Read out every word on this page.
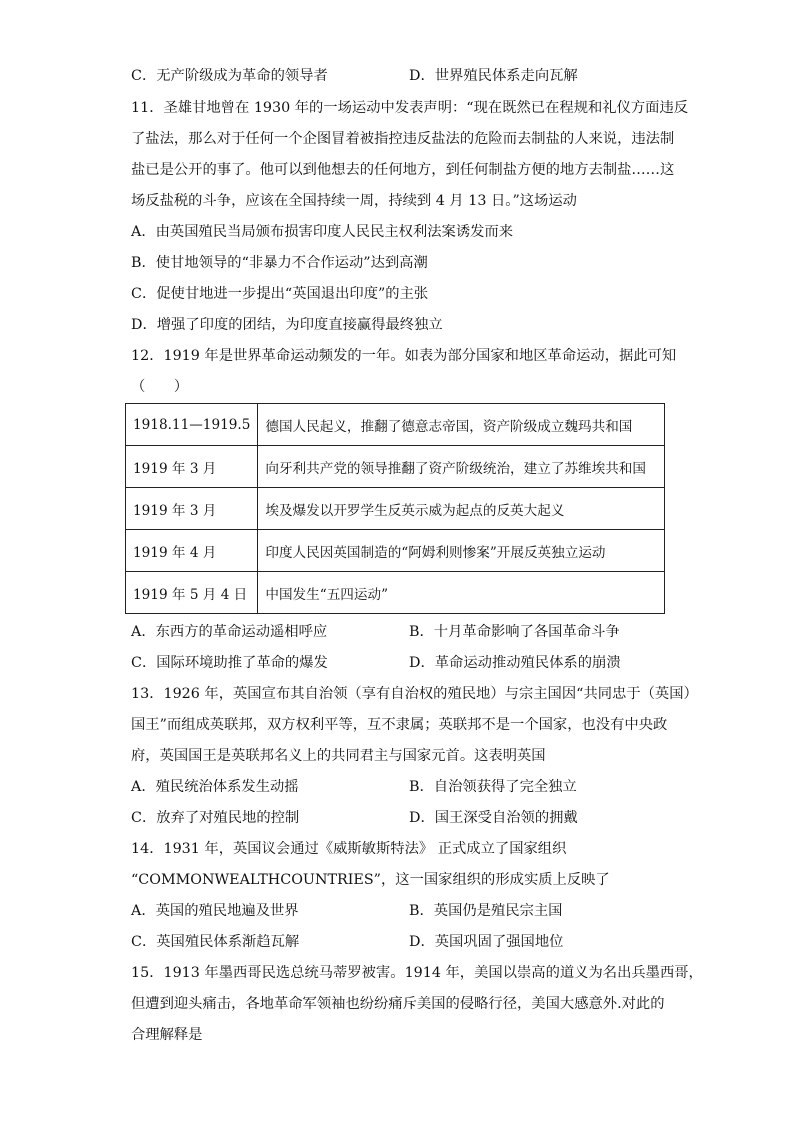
C．无产阶级成为革命的领导者	D．世界殖民体系走向瓦解
11．圣雄甘地曾在 1930 年的一场运动中发表声明：“现在既然已在程规和礼仪方面违反
了盐法，那么对于任何一个企图冒着被指控违反盐法的危险而去制盐的人来说，违法制
盐已是公开的事了。他可以到他想去的任何地方，到任何制盐方便的地方去制盐……这
场反盐税的斗争，应该在全国持续一周，持续到 4 月 13 日。”这场运动
A．由英国殖民当局颁布损害印度人民民主权利法案诱发而来
B．使甘地领导的“非暴力不合作运动”达到高潮
C．促使甘地进一步提出“英国退出印度”的主张
D．增强了印度的团结，为印度直接赢得最终独立
12．1919 年是世界革命运动频发的一年。如表为部分国家和地区革命运动，据此可知
（　　）
1918.11—1919.5	德国人民起义，推翻了德意志帝国，资产阶级成立魏玛共和国
1919 年 3 月	向牙利共产党的领导推翻了资产阶级统治，建立了苏维埃共和国
1919 年 3 月	埃及爆发以开罗学生反英示威为起点的反英大起义
1919 年 4 月	印度人民因英国制造的“阿姆利则惨案”开展反英独立运动
1919 年 5 月 4 日	中国发生“五四运动”
A．东西方的革命运动遥相呼应	B．十月革命影响了各国革命斗争
C．国际环境助推了革命的爆发	D．革命运动推动殖民体系的崩溃
13．1926 年，英国宣布其自治领（享有自治权的殖民地）与宗主国因“共同忠于（英国）
国王”而组成英联邦，双方权利平等，互不隶属；英联邦不是一个国家，也没有中央政
府，英国国王是英联邦名义上的共同君主与国家元首。这表明英国
A．殖民统治体系发生动摇	B．自治领获得了完全独立
C．放弃了对殖民地的控制	D．国王深受自治领的拥戴
14．1931 年，英国议会通过《威斯敏斯特法》 正式成立了国家组织
“COMMONWEALTHCOUNTRIES”，这一国家组织的形成实质上反映了
A．英国的殖民地遍及世界	B．英国仍是殖民宗主国
C．英国殖民体系渐趋瓦解	D．英国巩固了强国地位
15．1913 年墨西哥民选总统马蒂罗被害。1914 年，美国以崇高的道义为名出兵墨西哥，
但遭到迎头痛击，各地革命军领袖也纷纷痛斥美国的侵略行径，美国大感意外.对此的
合理解释是
